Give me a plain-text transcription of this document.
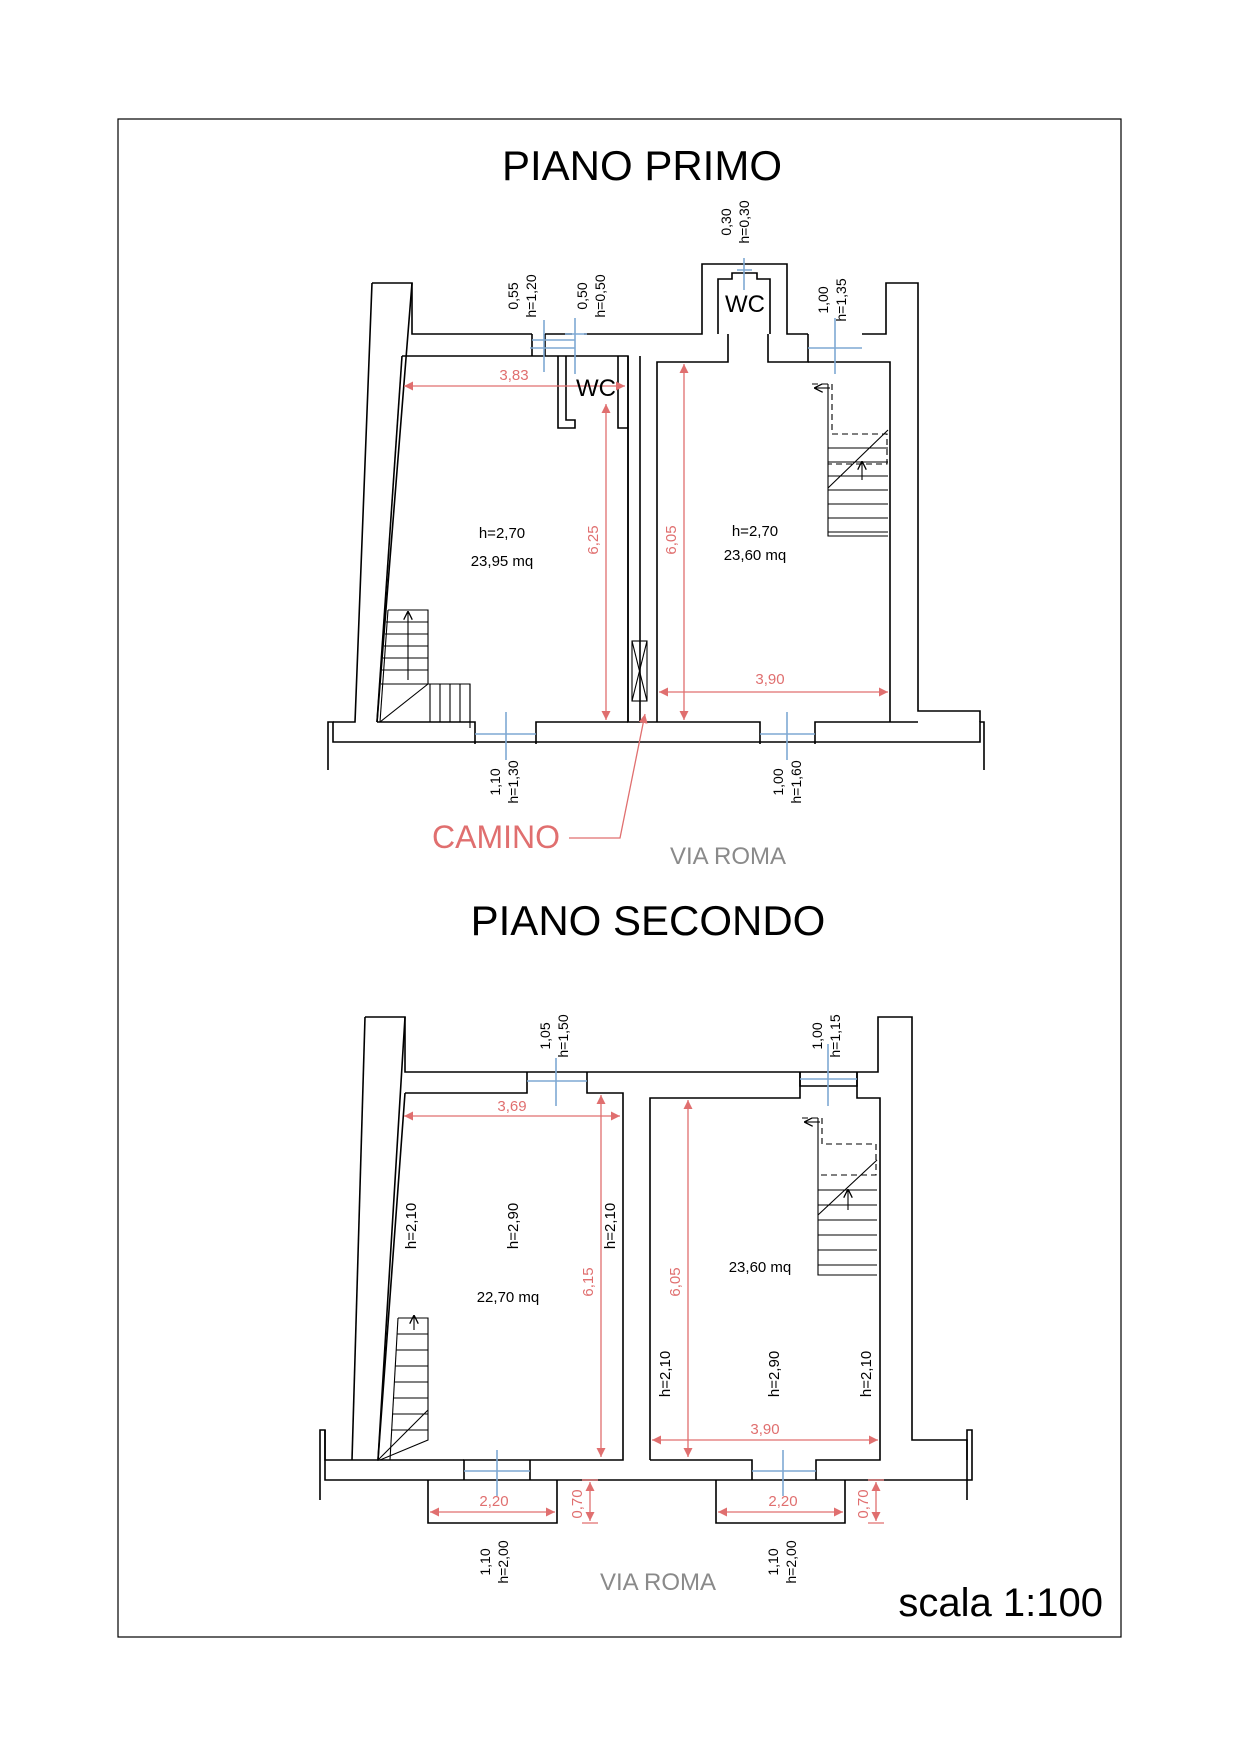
PIANO PRIMO
WC
WC
h=2,70
23,95 mq
h=2,70
23,60 mq
3,83
6,25	6,05
3,90
0,55 h=1,20	0,50 h=0,50
0,30 h=0,30
1,00 h=1,35
1,10 h=1,30	1,00 h=1,60
CAMINO
VIA ROMA
PIANO SECONDO
h=2,10	h=2,90	h=2,10
22,70 mq
23,60 mq
h=2,10	h=2,90	h=2,10
3,69
6,15	6,05
3,90
2,20	0,70	2,20	0,70
1,05 h=1,50	1,00 h=1,15
1,10 h=2,00	1,10 h=2,00
VIA ROMA	scala 1:100
